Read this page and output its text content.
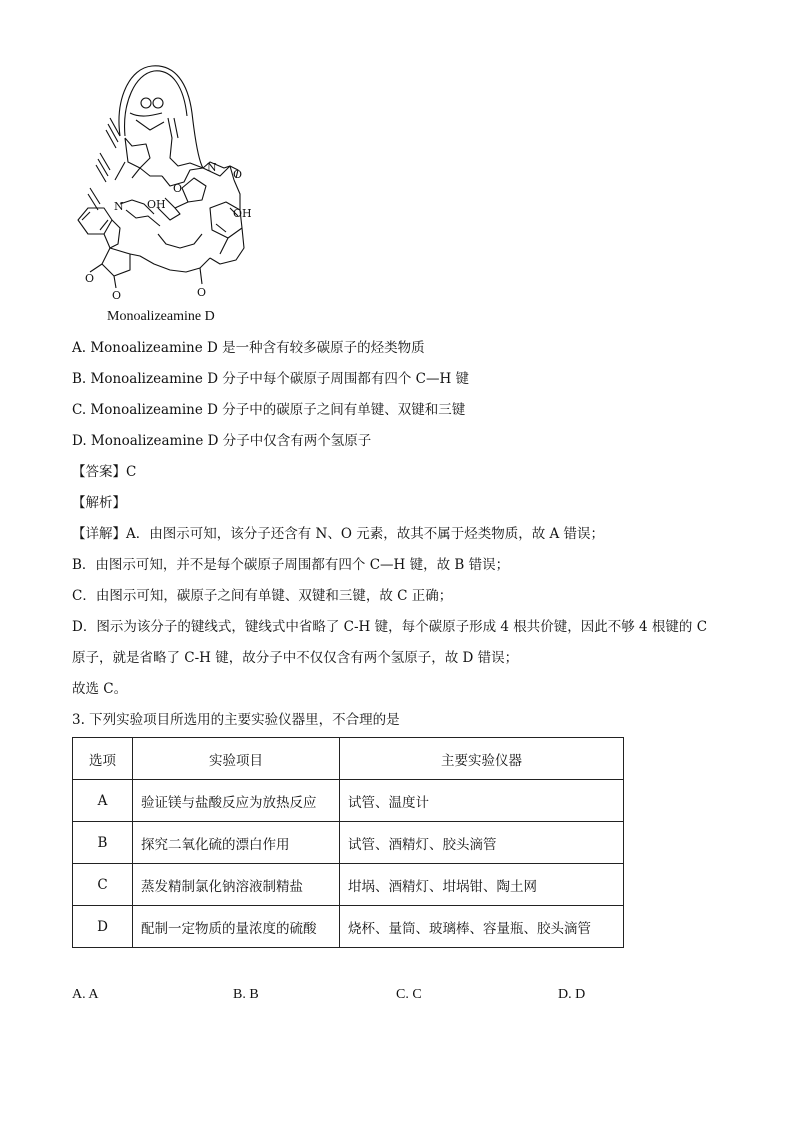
N
N
O
OH
OH
O
O
O	O
Monoalizeamine D
A. Monoalizeamine D 是一种含有较多碳原子的烃类物质
B. Monoalizeamine D 分子中每个碳原子周围都有四个 C—H 键
C. Monoalizeamine D 分子中的碳原子之间有单键、双键和三键
D. Monoalizeamine D 分子中仅含有两个氢原子
【答案】C
【解析】
【详解】A．由图示可知，该分子还含有 N、O 元素，故其不属于烃类物质，故 A 错误；
B．由图示可知，并不是每个碳原子周围都有四个 C—H 键，故 B 错误；
C．由图示可知，碳原子之间有单键、双键和三键，故 C 正确；
D．图示为该分子的键线式，键线式中省略了 C-H 键，每个碳原子形成 4 根共价键，因此不够 4 根键的 C
原子，就是省略了 C-H 键，故分子中不仅仅含有两个氢原子，故 D 错误；
故选 C。
3. 下列实验项目所选用的主要实验仪器里，不合理的是
选项	实验项目	主要实验仪器
A	验证镁与盐酸反应为放热反应	试管、温度计
B	探究二氧化硫的漂白作用	试管、酒精灯、胶头滴管
C	蒸发精制氯化钠溶液制精盐	坩埚、酒精灯、坩埚钳、陶土网
D	配制一定物质的量浓度的硫酸	烧杯、量筒、玻璃棒、容量瓶、胶头滴管
A. A	B. B	C. C	D. D
